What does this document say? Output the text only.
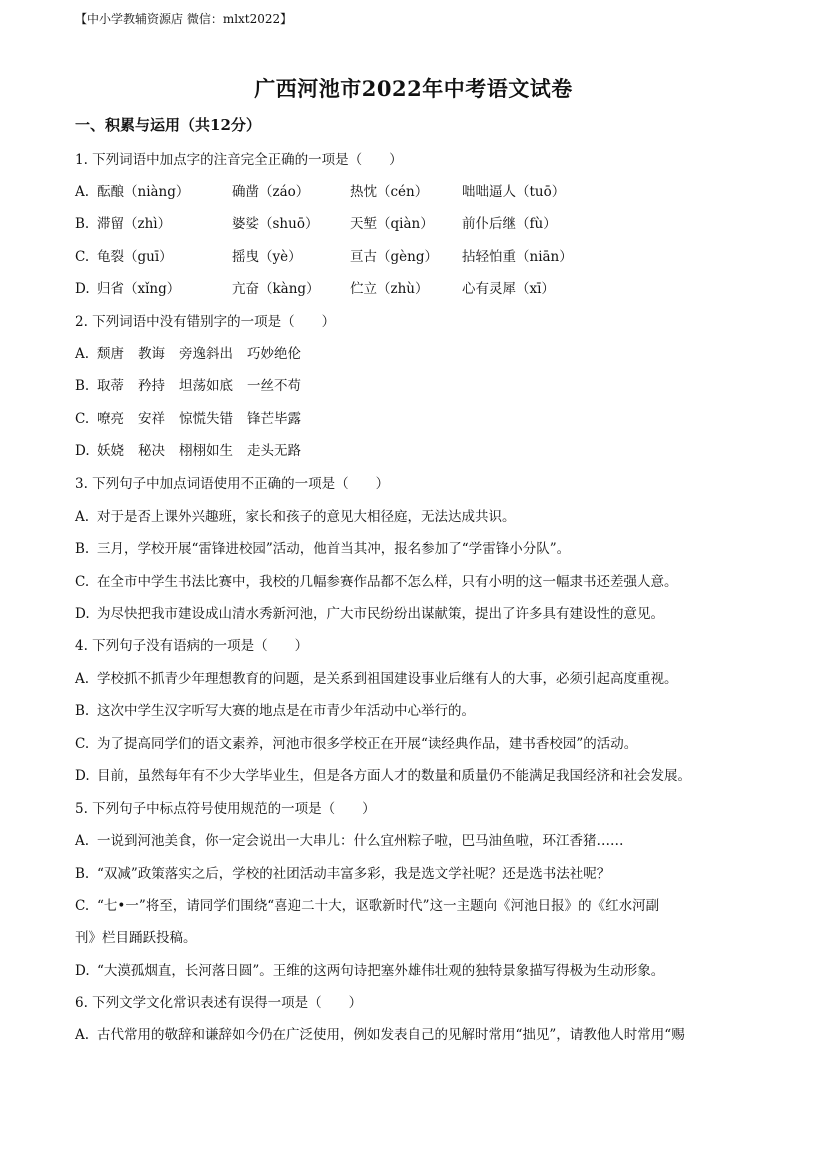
【中小学教辅资源店 微信：mlxt2022】
广西河池市2022年中考语文试卷
一、积累与运用（共12分）
1. 下列词语中加点字的注音完全正确的一项是（　　）
A. 酝酿（niàng）	确凿（záo）	热忱（cén）	咄咄逼人（tuō）
B. 滞留（zhì）	婆娑（shuō） 天堑（qiàn） 前仆后继（fù）
C. 龟裂（guī）	摇曳（yè）	亘古（gèng） 拈轻怕重（niān）
D. 归省（xǐng）	亢奋（kàng） 伫立（zhù） 心有灵犀（xī）
2. 下列词语中没有错别字的一项是（　　）
A. 颓唐 教诲 旁逸斜出 巧妙绝伦
B. 取蒂 矜持 坦荡如底 一丝不苟
C. 嘹亮 安祥 惊慌失错 锋芒毕露
D. 妖娆 秘决 栩栩如生 走头无路
3. 下列句子中加点词语使用不正确的一项是（　　）
A. 对于是否上课外兴趣班，家长和孩子的意见大相径庭，无法达成共识。
B. 三月，学校开展“雷锋进校园”活动，他首当其冲，报名参加了“学雷锋小分队”。
C. 在全市中学生书法比赛中，我校的几幅参赛作品都不怎么样，只有小明的这一幅隶书还差强人意。
D. 为尽快把我市建设成山清水秀新河池，广大市民纷纷出谋献策，提出了许多具有建设性的意见。
4. 下列句子没有语病的一项是（　　）
A. 学校抓不抓青少年理想教育的问题，是关系到祖国建设事业后继有人的大事，必须引起高度重视。
B. 这次中学生汉字听写大赛的地点是在市青少年活动中心举行的。
C. 为了提高同学们的语文素养，河池市很多学校正在开展“读经典作品，建书香校园”的活动。
D. 目前，虽然每年有不少大学毕业生，但是各方面人才的数量和质量仍不能满足我国经济和社会发展。
5. 下列句子中标点符号使用规范的一项是（　　）
A. 一说到河池美食，你一定会说出一大串儿：什么宜州粽子啦，巴马油鱼啦，环江香猪……
B. “双减”政策落实之后，学校的社团活动丰富多彩，我是选文学社呢？还是选书法社呢？
C. “七•一”将至，请同学们围绕“喜迎二十大，讴歌新时代”这一主题向《河池日报》的《红水河副
刊》栏目踊跃投稿。
D. “大漠孤烟直，长河落日圆”。王维的这两句诗把塞外雄伟壮观的独特景象描写得极为生动形象。
6. 下列文学文化常识表述有误得一项是（　　）
A. 古代常用的敬辞和谦辞如今仍在广泛使用，例如发表自己的见解时常用“拙见”，请教他人时常用“赐
